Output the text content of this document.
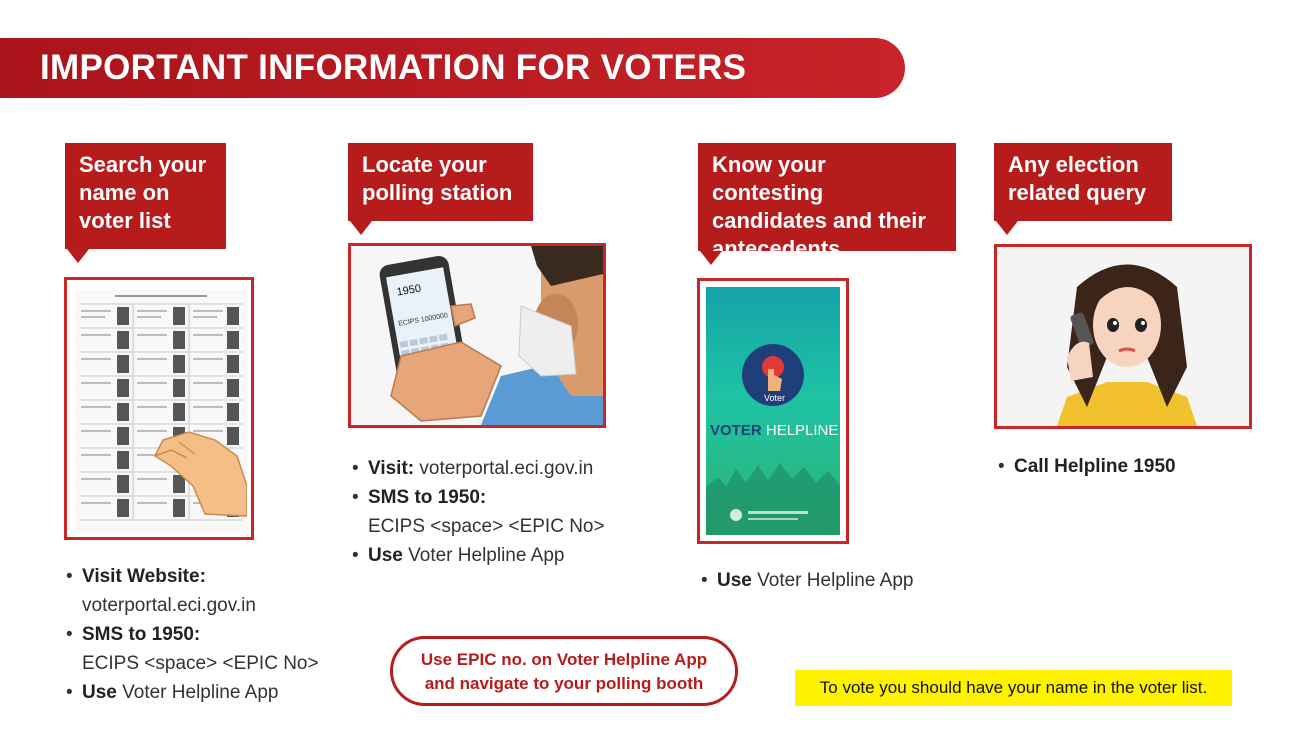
IMPORTANT INFORMATION FOR VOTERS
Search your
name on
voter list
• Visit Website:
voterportal.eci.gov.in
• SMS to 1950:
ECIPS <space> <EPIC No>
• Use Voter Helpline App
Locate your
polling station
1950
ECIPS 1000000
• Visit: voterportal.eci.gov.in
• SMS to 1950:
ECIPS <space> <EPIC No>
• Use Voter Helpline App
Know your contesting
candidates and their
antecedents
Voter
VOTER HELPLINE
• Use Voter Helpline App
Any election
related query
• Call Helpline 1950
Use EPIC no. on Voter Helpline App
and navigate to your polling booth	To vote you should have your name in the voter list.
